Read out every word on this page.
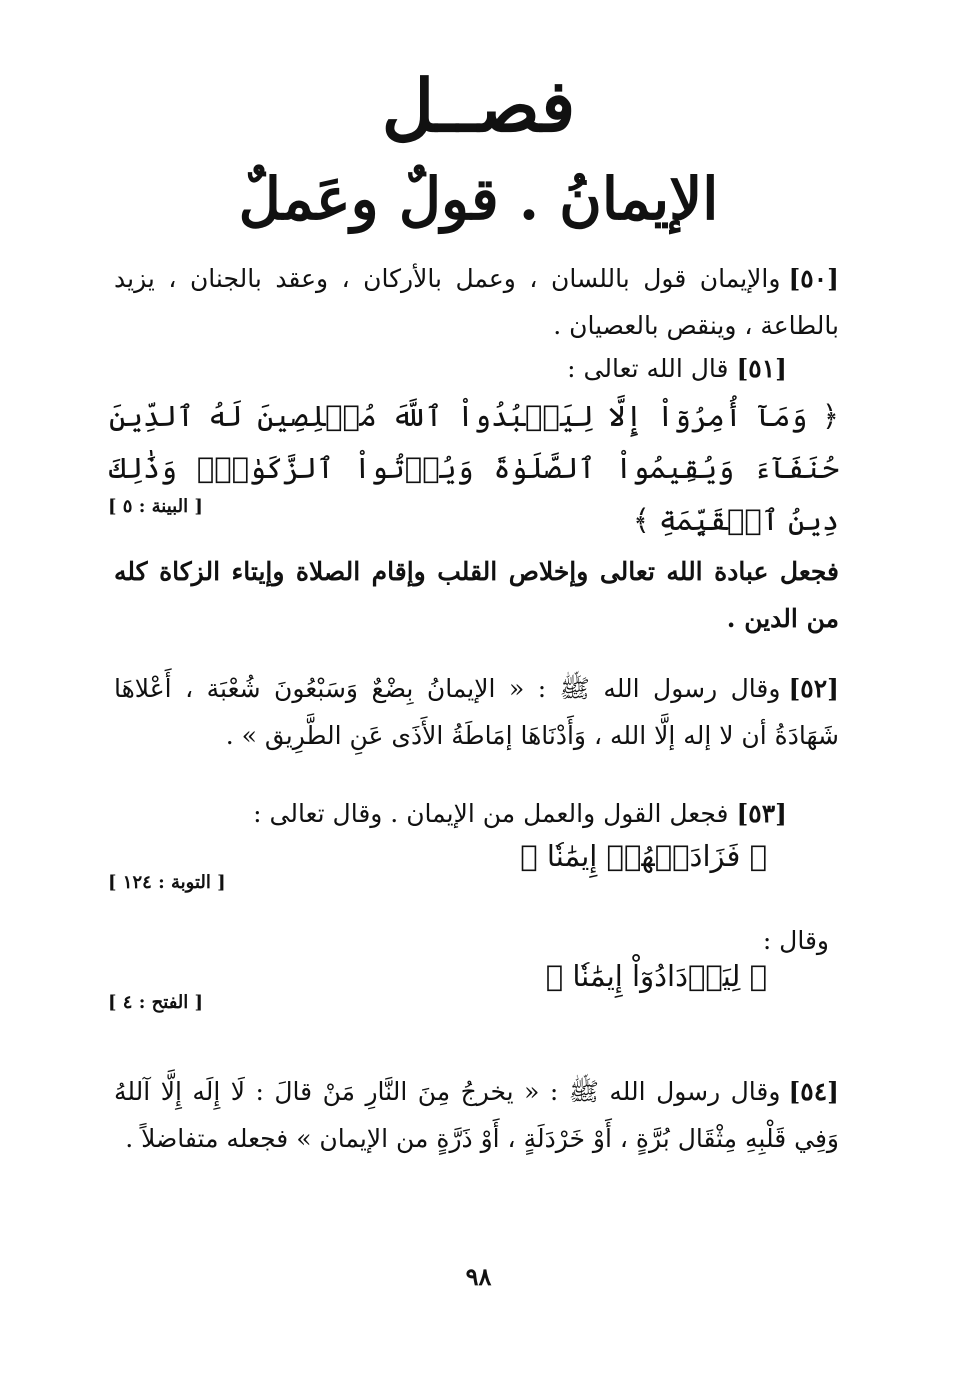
فصــل
الإيمانُ . قولٌ وعَملٌ
[٥٠]والإيمان قول باللسان ، وعمل بالأركان ، وعقد بالجنان ، يزيد بالطاعة ، وينقص بالعصيان .
[٥١]قال الله تعالى :
﴿ وَمَآ أُمِرُوٓاْ إِلَّا لِيَعۡبُدُواْ ٱللَّهَ مُخۡلِصِينَ لَهُ ٱلدِّينَ حُنَفَآءَ وَيُقِيمُواْ ٱلصَّلَوٰةَ وَيُؤۡتُواْ ٱلزَّكَوٰةَۚ وَذَٰلِكَ دِينُ ٱلۡقَيِّمَةِ ﴾
[ البينة : ٥ ]
فجعل عبادة الله تعالى وإخلاص القلب وإقام الصلاة وإيتاء الزكاة كله من الدين .
[٥٢]وقال رسول الله ﷺ : « الإيمانُ بِضْعٌ وَسَبْعُونَ شُعْبَة ، أَعْلاهَا شَهَادَةُ أن لا إله إلَّا الله ، وَأَدْنَاهَا إمَاطَةُ الأَذَى عَنِ الطَّرِيق » .
[٥٣]فجعل القول والعمل من الإيمان . وقال تعالى :
﴿ فَزَادَتۡهُمۡ إِيمَٰنٗا ﴾
[ التوبة : ١٢٤ ]
وقال :
﴿ لِيَزۡدَادُوٓاْ إِيمَٰنٗا ﴾
[ الفتح : ٤ ]
[٥٤]وقال رسول الله ﷺ : « يخرجُ مِنَ النَّارِ مَنْ قالَ : لَا إِلَه إِلَّا آللهُ وَفِي قَلْبِهِ مِثْقَال بُرَّةٍ ، أَوْ خَرْدَلَةٍ ، أَوْ ذَرَّةٍ من الإيمان » فجعله متفاضلاً .
٩٨
